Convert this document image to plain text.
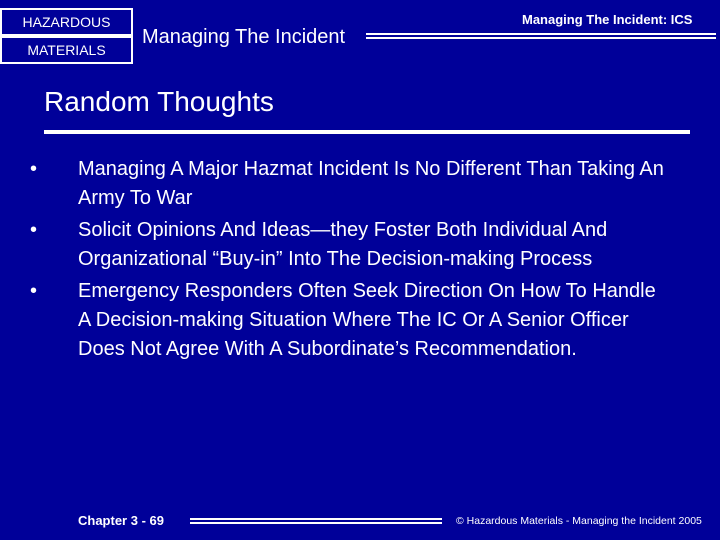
HAZARDOUS
MATERIALS
Managing The Incident
Managing The Incident: ICS
Random Thoughts
•
Managing A Major Hazmat Incident Is No Different Than Taking An Army To War
•
Solicit Opinions And Ideas—they Foster Both Individual And Organizational “Buy-in” Into The Decision-making Process
•
Emergency Responders Often Seek Direction On How To Handle A Decision-making Situation Where The IC Or A Senior Officer Does Not Agree With A Subordinate’s Recommendation.
Chapter 3 - 69	© Hazardous Materials - Managing the Incident 2005
